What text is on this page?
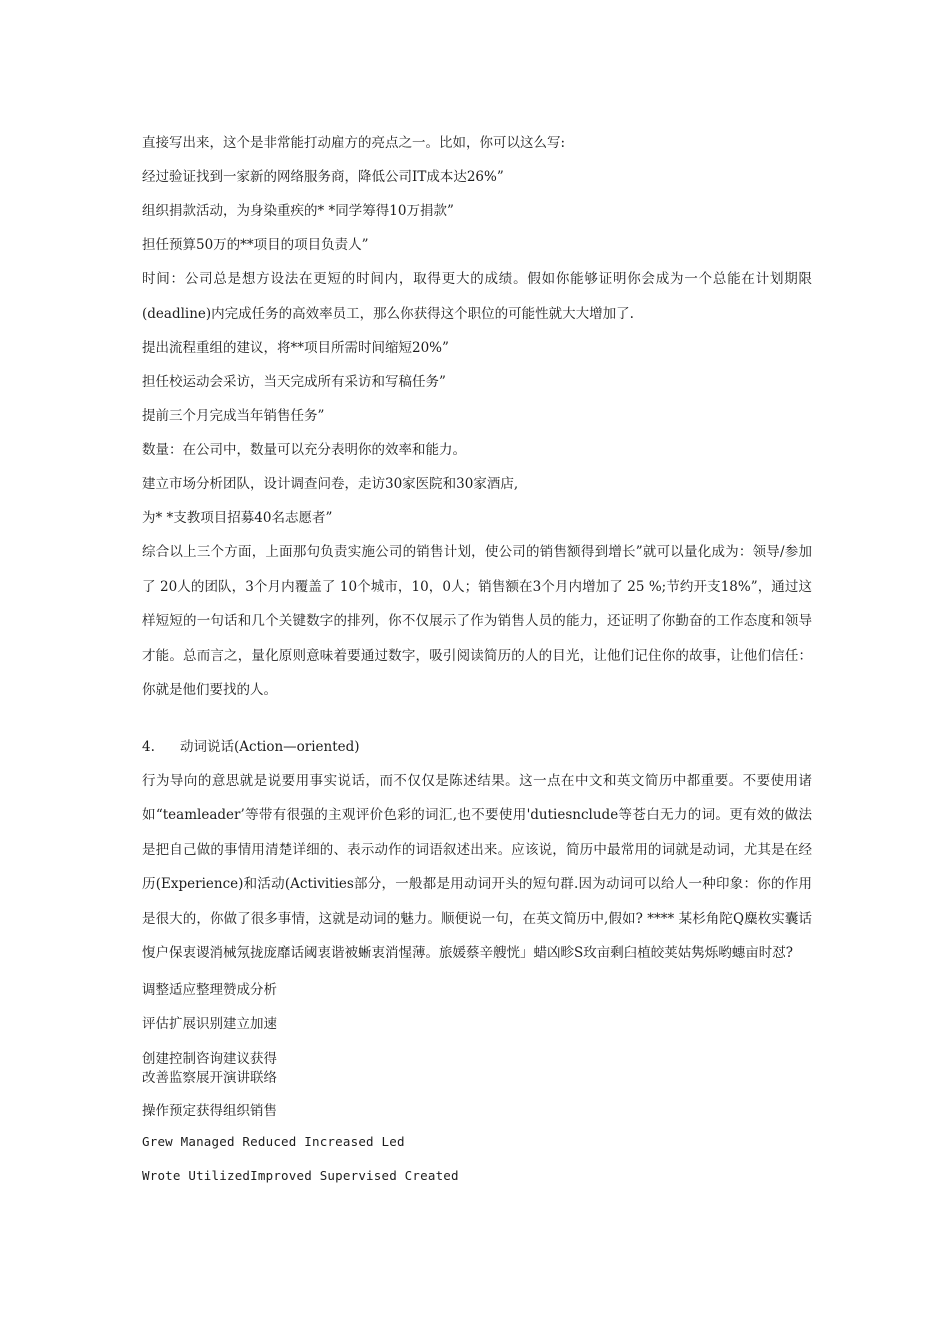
直接写出来，这个是非常能打动雇方的亮点之一。比如，你可以这么写:

经过验证找到一家新的网络服务商，降低公司IT成本达26%”

组织捐款活动，为身染重疾的* *同学筹得10万捐款”

担任预算50万的**项目的项目负责人”

时间：公司总是想方设法在更短的时间内，取得更大的成绩。假如你能够证明你会成为一个总能在计划期限(deadline)内完成任务的高效率员工，那么你获得这个职位的可能性就大大增加了.

提出流程重组的建议，将**项目所需时间缩短20%”

担任校运动会采访，当天完成所有采访和写稿任务”

提前三个月完成当年销售任务”

数量：在公司中，数量可以充分表明你的效率和能力。

建立市场分析团队，设计调查问卷，走访30家医院和30家酒店,

为* *支教项目招募40名志愿者”

综合以上三个方面，上面那句负责实施公司的销售计划，使公司的销售额得到增长”就可以量化成为：领导/参加了 20人的团队，3个月内覆盖了 10个城市，10，0人；销售额在3个月内增加了 25 %;节约开支18%”，通过这样短短的一句话和几个关键数字的排列，你不仅展示了作为销售人员的能力，还证明了你勤奋的工作态度和领导才能。总而言之，量化原则意味着要通过数字，吸引阅读简历的人的目光，让他们记住你的故事，让他们信任：你就是他们要找的人。

4. 动词说话(Action—oriented)

行为导向的意思就是说要用事实说话，而不仅仅是陈述结果。这一点在中文和英文简历中都重要。不要使用诸如“teamleader’等带有很强的主观评价色彩的词汇,也不要使用'dutiesnclude等苍白无力的词。更有效的做法是把自己做的事情用清楚详细的、表示动作的词语叙述出来。应该说，简历中最常用的词就是动词，尤其是在经历(Experience)和活动(Activities部分，一般都是用动词开头的短句群.因为动词可以给人一种印象：你的作用是很大的，你做了很多事情，这就是动词的魅力。顺便说一句，在英文简历中,假如? **** 某杉角陀Q麋枚实囊话愎户保衷谡消械氖拢庞靡话阈衷谐被蜥衷消惺薄。旅媛蔡辛艘恍」蜡凶畛S玫亩剩臼植皎荚姑隽烁哟蟪亩时怼?

调整适应整理赞成分析

评估扩展识别建立加速

创建控制咨询建议获得

改善监察展开演讲联络

操作预定获得组织销售

Grew Managed Reduced Increased Led

Wrote UtilizedImproved Supervised Created
